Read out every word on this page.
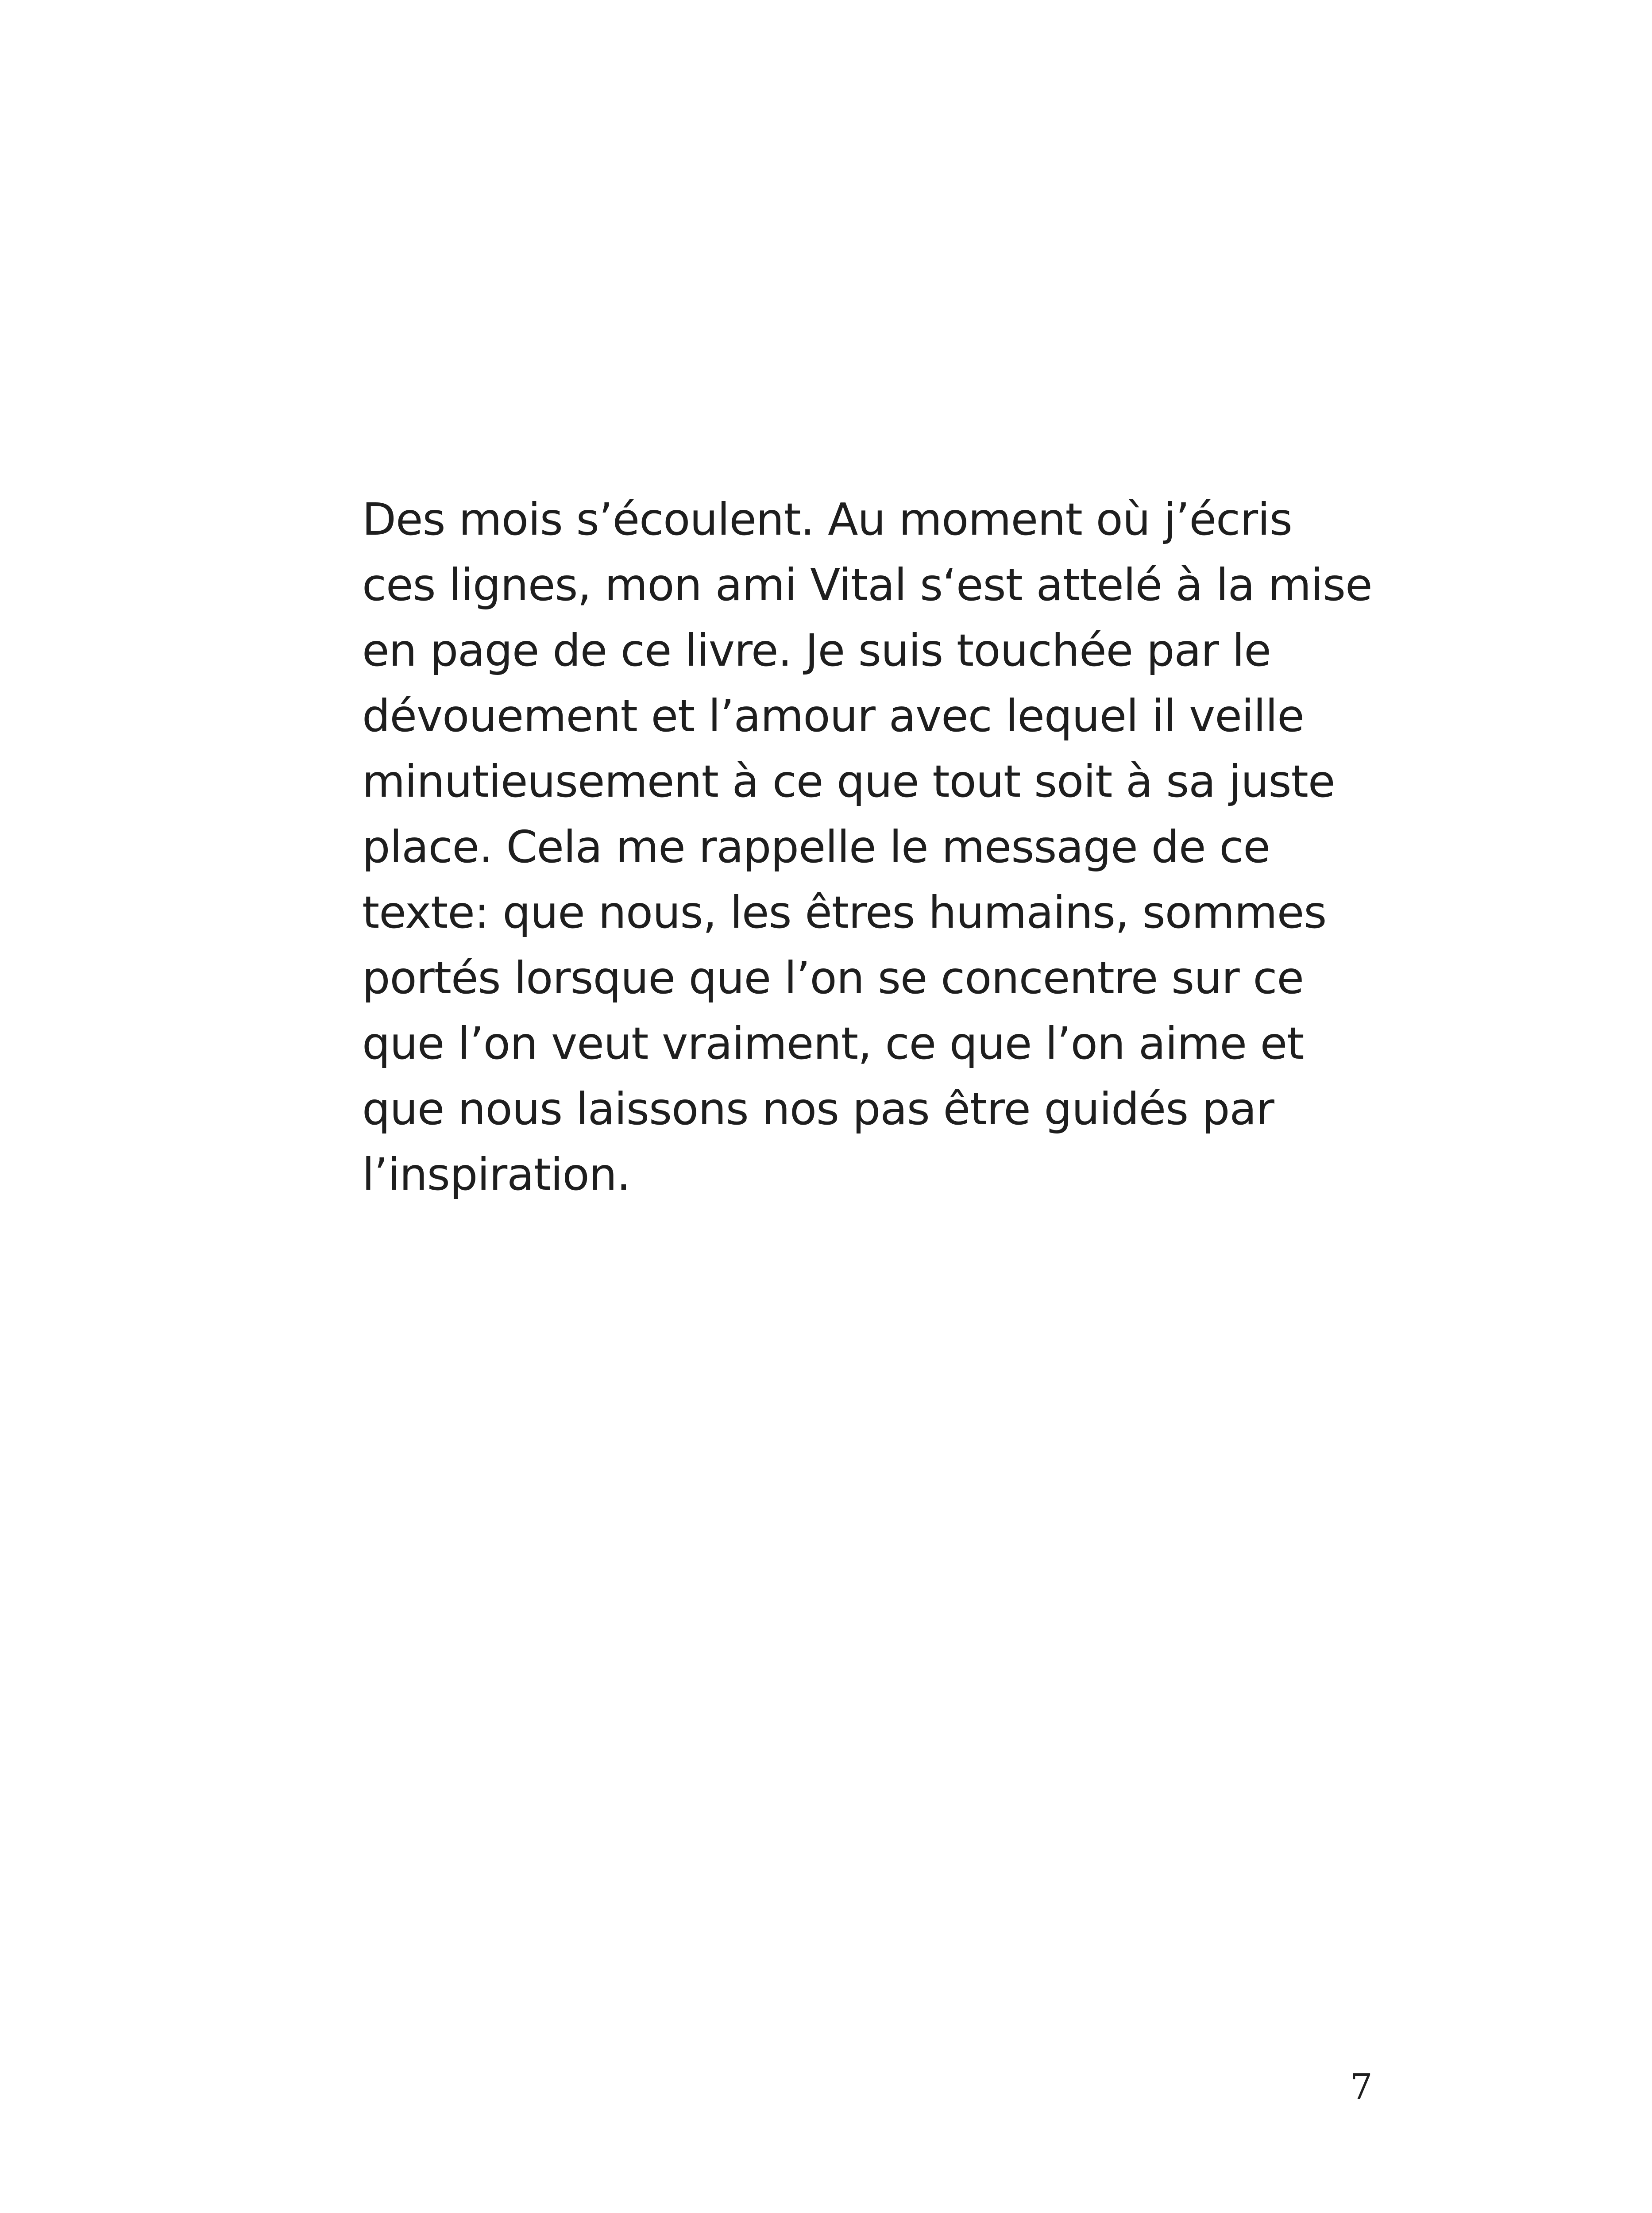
Des mois s’écoulent. Au moment où j’écris
ces lignes, mon ami Vital s‘est attelé à la mise
en page de ce livre. Je suis touchée par le
dévouement et l’amour avec lequel il veille
minutieusement à ce que tout soit à sa juste
place. Cela me rappelle le message de ce
texte: que nous, les êtres humains, sommes
portés lorsque que l’on se concentre sur ce
que l’on veut vraiment, ce que l’on aime et
que nous laissons nos pas être guidés par
l’inspiration.

7
